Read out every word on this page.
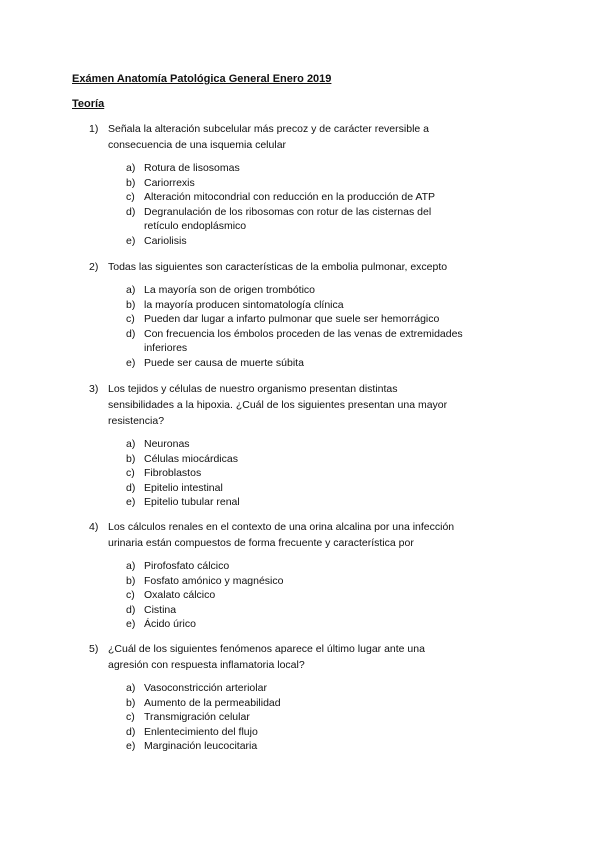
Exámen Anatomía Patológica General Enero 2019
Teoría
1) Señala la alteración subcelular más precoz y de carácter reversible a
consecuencia de una isquemia celular
a) Rotura de lisosomas
b) Cariorrexis
c) Alteración mitocondrial con reducción en la producción de ATP
d) Degranulación de los ribosomas con rotur de las cisternas del
retículo endoplásmico
e) Cariolisis
2) Todas las siguientes son características de la embolia pulmonar, excepto
a) La mayoría son de origen trombótico
b) la mayoría producen sintomatología clínica
c) Pueden dar lugar a infarto pulmonar que suele ser hemorrágico
d) Con frecuencia los émbolos proceden de las venas de extremidades
inferiores
e) Puede ser causa de muerte súbita
3) Los tejidos y células de nuestro organismo presentan distintas
sensibilidades a la hipoxia. ¿Cuál de los siguientes presentan una mayor
resistencia?
a) Neuronas
b) Células miocárdicas
c) Fibroblastos
d) Epitelio intestinal
e) Epitelio tubular renal
4) Los cálculos renales en el contexto de una orina alcalina por una infección
urinaria están compuestos de forma frecuente y característica por
a) Pirofosfato cálcico
b) Fosfato amónico y magnésico
c) Oxalato cálcico
d) Cistina
e) Ácido úrico
5) ¿Cuál de los siguientes fenómenos aparece el último lugar ante una
agresión con respuesta inflamatoria local?
a) Vasoconstricción arteriolar
b) Aumento de la permeabilidad
c) Transmigración celular
d) Enlentecimiento del flujo
e) Marginación leucocitaria
